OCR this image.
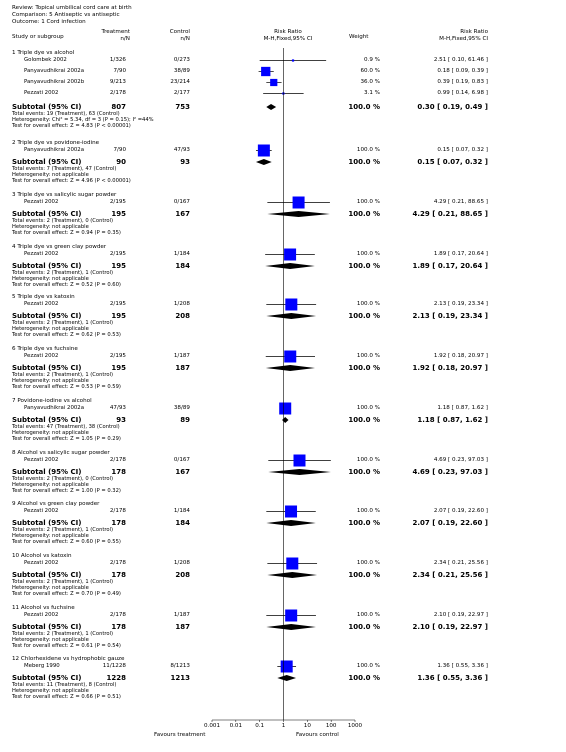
Review: Topical umbilical cord care at birth
Comparison: 5 Antiseptic vs antiseptic
Outcome: 1 Cord infection
Study or subgroup
Treatment
n/N
Control
n/N
Risk Ratio
M-H,Fixed,95% CI	Weight
Risk Ratio
M-H,Fixed,95% CI
1 Triple dye vs alcohol
Golombek 2002	1/326	0/273	0.9 %	2.51 [ 0.10, 61.46 ]
Panyavudhikrai 2002a	7/90	38/89	60.0 %	0.18 [ 0.09, 0.39 ]
Panyavudhikrai 2002b	9/213	23/214	36.0 %	0.39 [ 0.19, 0.83 ]
Pezzati 2002	2/178	2/177	3.1 %	0.99 [ 0.14, 6.98 ]
Subtotal (95% CI)	807	753	100.0 %	0.30 [ 0.19, 0.49 ]
Total events: 19 (Treatment), 63 (Control)
Heterogeneity: Chi² = 5.34, df = 3 (P = 0.15); I² =44%
Test for overall effect: Z = 4.83 (P < 0.00001)
2 Triple dye vs povidone-iodine
Panyavudhikrai 2002a	7/90	47/93	100.0 %	0.15 [ 0.07, 0.32 ]
Subtotal (95% CI)	90	93	100.0 %	0.15 [ 0.07, 0.32 ]
Total events: 7 (Treatment), 47 (Control)
Heterogeneity: not applicable
Test for overall effect: Z = 4.96 (P < 0.00001)
3 Triple dye vs salicylic sugar powder
Pezzati 2002	2/195	0/167	100.0 %	4.29 [ 0.21, 88.65 ]
Subtotal (95% CI)	195	167	100.0 %	4.29 [ 0.21, 88.65 ]
Total events: 2 (Treatment), 0 (Control)
Heterogeneity: not applicable
Test for overall effect: Z = 0.94 (P = 0.35)
4 Triple dye vs green clay powder
Pezzati 2002	2/195	1/184	100.0 %	1.89 [ 0.17, 20.64 ]
Subtotal (95% CI)	195	184	100.0 %	1.89 [ 0.17, 20.64 ]
Total events: 2 (Treatment), 1 (Control)
Heterogeneity: not applicable
Test for overall effect: Z = 0.52 (P = 0.60)
5 Triple dye vs katoxin
Pezzati 2002	2/195	1/208	100.0 %	2.13 [ 0.19, 23.34 ]
Subtotal (95% CI)	195	208	100.0 %	2.13 [ 0.19, 23.34 ]
Total events: 2 (Treatment), 1 (Control)
Heterogeneity: not applicable
Test for overall effect: Z = 0.62 (P = 0.53)
6 Triple dye vs fuchsine
Pezzati 2002	2/195	1/187	100.0 %	1.92 [ 0.18, 20.97 ]
Subtotal (95% CI)	195	187	100.0 %	1.92 [ 0.18, 20.97 ]
Total events: 2 (Treatment), 1 (Control)
Heterogeneity: not applicable
Test for overall effect: Z = 0.53 (P = 0.59)
7 Povidone-iodine vs alcohol
Panyavudhikrai 2002a	47/93	38/89	100.0 %	1.18 [ 0.87, 1.62 ]
Subtotal (95% CI)	93	89	100.0 %	1.18 [ 0.87, 1.62 ]
Total events: 47 (Treatment), 38 (Control)
Heterogeneity: not applicable
Test for overall effect: Z = 1.05 (P = 0.29)
8 Alcohol vs salicylic sugar powder
Pezzati 2002	2/178	0/167	100.0 %	4.69 [ 0.23, 97.03 ]
Subtotal (95% CI)	178	167	100.0 %	4.69 [ 0.23, 97.03 ]
Total events: 2 (Treatment), 0 (Control)
Heterogeneity: not applicable
Test for overall effect: Z = 1.00 (P = 0.32)
9 Alcohol vs green clay powder
Pezzati 2002	2/178	1/184	100.0 %	2.07 [ 0.19, 22.60 ]
Subtotal (95% CI)	178	184	100.0 %	2.07 [ 0.19, 22.60 ]
Total events: 2 (Treatment), 1 (Control)
Heterogeneity: not applicable
Test for overall effect: Z = 0.60 (P = 0.55)
10 Alcohol vs katoxin
Pezzati 2002	2/178	1/208	100.0 %	2.34 [ 0.21, 25.56 ]
Subtotal (95% CI)	178	208	100.0 %	2.34 [ 0.21, 25.56 ]
Total events: 2 (Treatment), 1 (Control)
Heterogeneity: not applicable
Test for overall effect: Z = 0.70 (P = 0.49)
11 Alcohol vs fuchsine
Pezzati 2002	2/178	1/187	100.0 %	2.10 [ 0.19, 22.97 ]
Subtotal (95% CI)	178	187	100.0 %	2.10 [ 0.19, 22.97 ]
Total events: 2 (Treatment), 1 (Control)
Heterogeneity: not applicable
Test for overall effect: Z = 0.61 (P = 0.54)
12 Chlorhexidene vs hydrophobic gauze
Meberg 1990	11/1228	8/1213	100.0 %	1.36 [ 0.55, 3.36 ]
Subtotal (95% CI)	1228	1213	100.0 %	1.36 [ 0.55, 3.36 ]
Total events: 11 (Treatment), 8 (Control)
Heterogeneity: not applicable
Test for overall effect: Z = 0.66 (P = 0.51)
0.001	0.01	0.1	1	10	100	1000
Favours treatment	Favours control
